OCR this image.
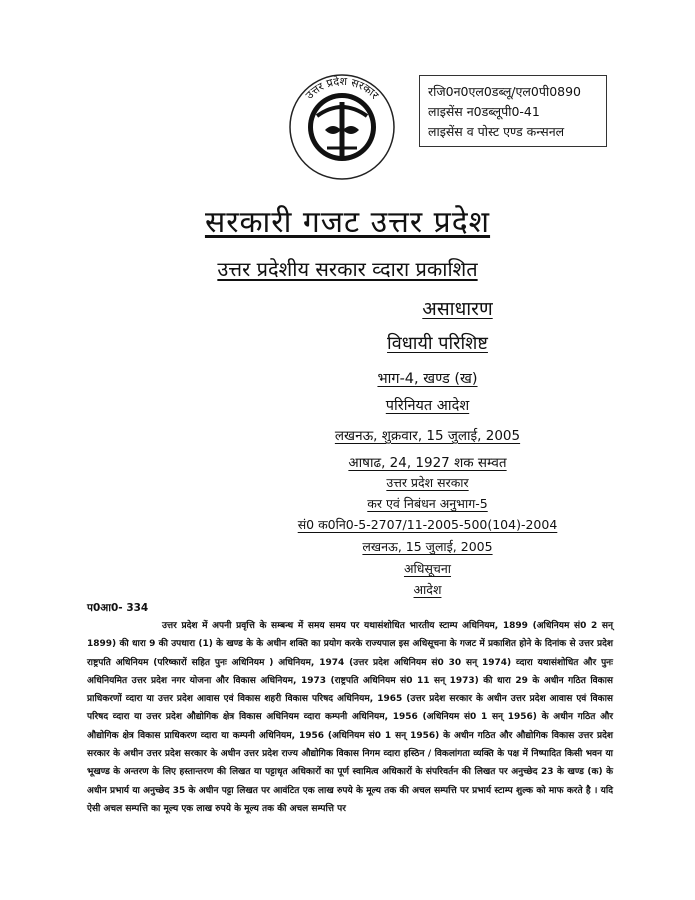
उत्तर प्रदेश सरकार	रजि0न0एल0डब्लू/एल0पी0890
लाइसेंस न0डब्लूपी0-41
लाइसेंस व पोस्ट एण्ड कन्सनल
सरकारी गजट उत्तर प्रदेश
उत्तर प्रदेशीय सरकार व्दारा प्रकाशित
असाधारण
विधायी परिशिष्ट
भाग-4, खण्ड (ख)
परिनियत आदेश
लखनऊ, शुक्रवार, 15 जुलाई, 2005
आषाढ, 24, 1927 शक सम्वत
उत्तर प्रदेश सरकार
कर एवं निबंधन अनुभाग-5
सं0 क0नि0-5-2707/11-2005-500(104)-2004
लखनऊ, 15 जुलाई, 2005
अधिसूचना
आदेश
प0आ0- 334
उत्तर प्रदेश में अपनी प्रवृत्ति के सम्बन्ध में समय समय पर यथासंशोधित भारतीय स्टाम्प अधिनियम, 1899 (अधिनियम सं0 2 सन् 1899) की धारा 9 की उपधारा (1) के खण्ड के के अधीन शक्ति का प्रयोग करके राज्यपाल इस अधिसूचना के गजट में प्रकाशित होने के दिनांक से उत्तर प्रदेश राष्ट्रपति अधिनियम (परिष्कारों सहित पुनः अधिनियम ) अधिनियम, 1974 (उत्तर प्रदेश अधिनियम सं0 30 सन् 1974) व्दारा यथासंशोधित और पुनः अधिनियमित उत्तर प्रदेश नगर योजना और विकास अधिनियम, 1973 (राष्ट्रपति अधिनियम सं0 11 सन् 1973) की धारा 29 के अधीन गठित विकास प्राधिकरणों व्दारा या उत्तर प्रदेश आवास एवं विकास शहरी विकास परिषद अधिनियम, 1965 (उत्तर प्रदेश सरकार के अधीन उत्तर प्रदेश आवास एवं विकास परिषद व्दारा या उत्तर प्रदेश औद्योगिक क्षेत्र विकास अधिनियम व्दारा कम्पनी अधिनियम, 1956 (अधिनियम सं0 1 सन् 1956) के अधीन गठित और औद्योगिक क्षेत्र विकास प्राधिकरण व्दारा या कम्पनी अधिनियम, 1956 (अधिनियम सं0 1 सन् 1956) के अधीन गठित और औद्योगिक विकास उत्तर प्रदेश सरकार के अधीन उत्तर प्रदेश सरकार के अधीन उत्तर प्रदेश राज्य औद्योगिक विकास निगम व्दारा हस्ठिन / विकलांगता व्यक्ति के पक्ष में निष्पादित किसी भवन या भूखण्ड के अन्तरण के लिए हस्तान्तरण की लिखत या पट्टाधृत अधिकारों का पूर्ण स्वामित्व अधिकारों के संपरिवर्तन की लिखत पर अनुच्छेद 23 के खण्ड (क) के अधीन प्रभार्य या अनुच्छेद 35 के अधीन पट्टा लिखत पर आवंटित एक लाख रुपये के मूल्य तक की अचल सम्पत्ति पर प्रभार्य स्टाम्प शुल्क को माफ करते है । यदि ऐसी अचल सम्पत्ति का मूल्य एक लाख रुपये के मूल्य तक की अचल सम्पत्ति पर
